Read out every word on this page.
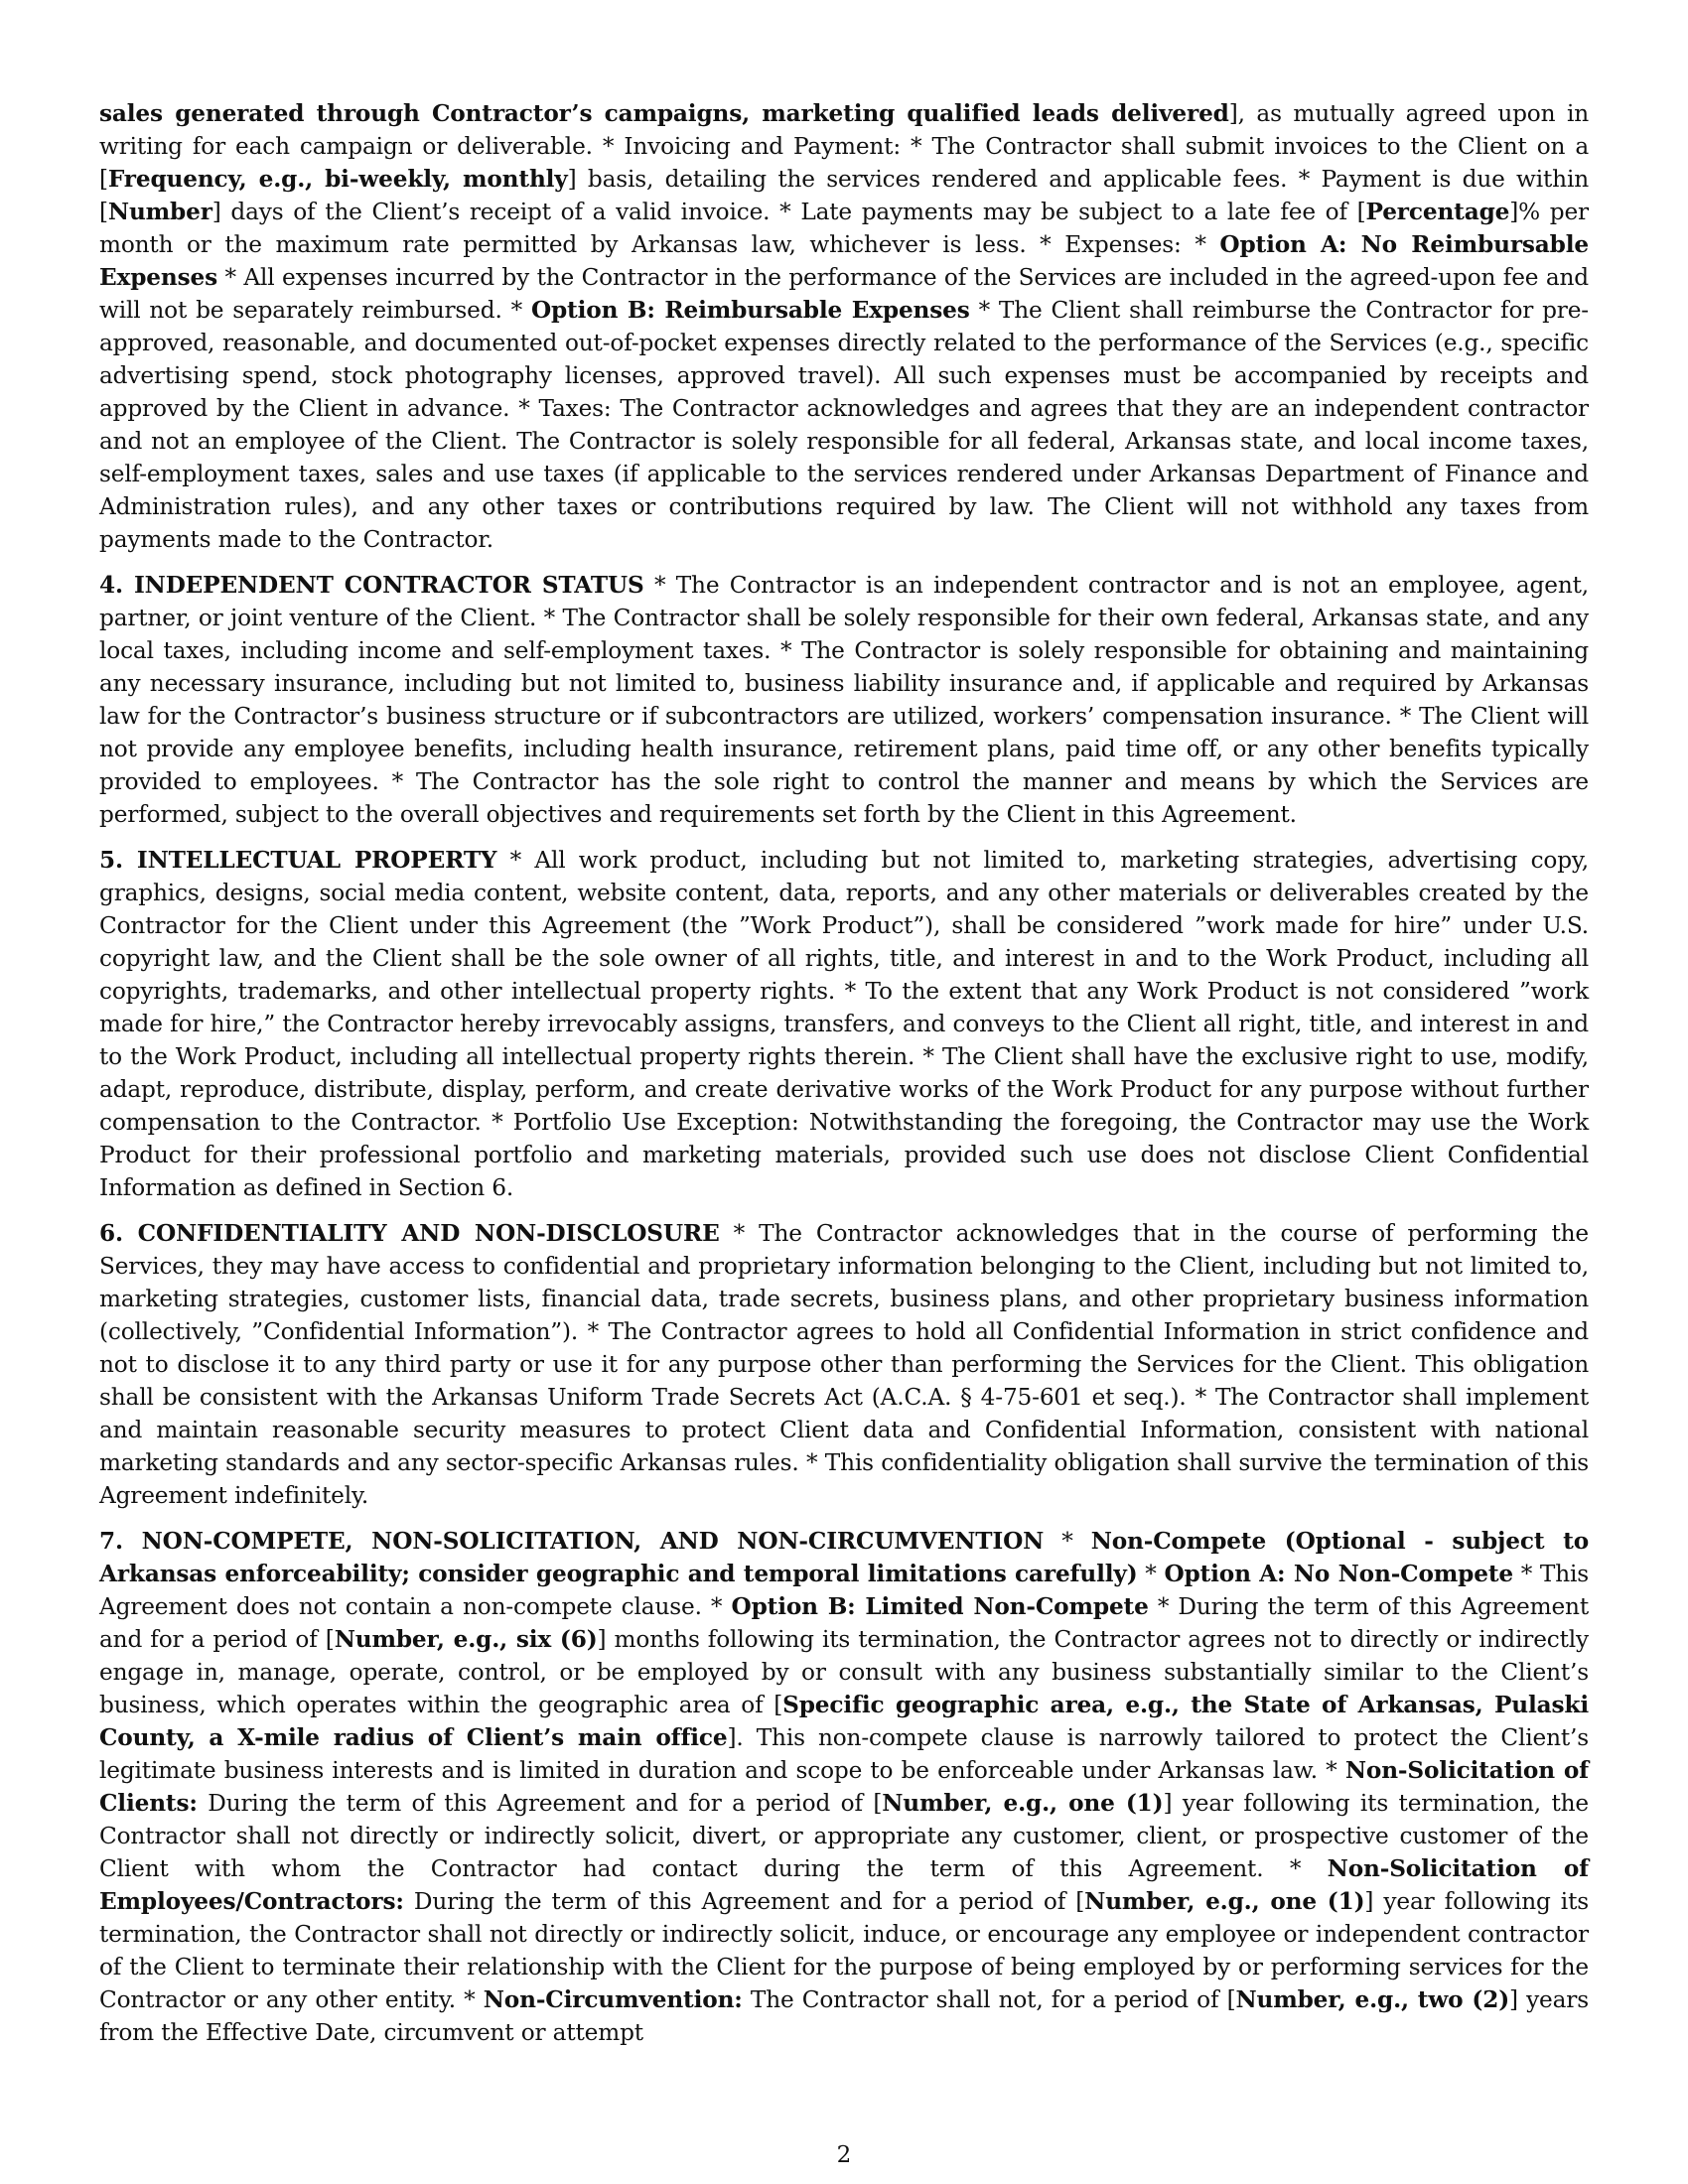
sales generated through Contractor’s campaigns, marketing qualified leads delivered], as mutually agreed upon in writing for each campaign or deliverable. * Invoicing and Payment: * The Contractor shall submit invoices to the Client on a [Frequency, e.g., bi-weekly, monthly] basis, detailing the services rendered and applicable fees. * Payment is due within [Number] days of the Client’s receipt of a valid invoice. * Late payments may be subject to a late fee of [Percentage]% per month or the maximum rate permitted by Arkansas law, whichever is less. * Expenses: * Option A: No Reimbursable Expenses * All expenses incurred by the Contractor in the performance of the Services are included in the agreed-upon fee and will not be separately reimbursed. * Option B: Reimbursable Expenses * The Client shall reimburse the Contractor for pre-approved, reasonable, and documented out-of-pocket expenses directly related to the performance of the Services (e.g., specific advertising spend, stock photography licenses, approved travel). All such expenses must be accompanied by receipts and approved by the Client in advance. * Taxes: The Contractor acknowledges and agrees that they are an independent contractor and not an employee of the Client. The Contractor is solely responsible for all federal, Arkansas state, and local income taxes, self-employment taxes, sales and use taxes (if applicable to the services rendered under Arkansas Department of Finance and Administration rules), and any other taxes or contributions required by law. The Client will not withhold any taxes from payments made to the Contractor.

4. INDEPENDENT CONTRACTOR STATUS * The Contractor is an independent contractor and is not an employee, agent, partner, or joint venture of the Client. * The Contractor shall be solely responsible for their own federal, Arkansas state, and any local taxes, including income and self-employment taxes. * The Contractor is solely responsible for obtaining and maintaining any necessary insurance, including but not limited to, business liability insurance and, if applicable and required by Arkansas law for the Contractor’s business structure or if subcontractors are utilized, workers’ compensation insurance. * The Client will not provide any employee benefits, including health insurance, retirement plans, paid time off, or any other benefits typically provided to employees. * The Contractor has the sole right to control the manner and means by which the Services are performed, subject to the overall objectives and requirements set forth by the Client in this Agreement.

5. INTELLECTUAL PROPERTY * All work product, including but not limited to, marketing strategies, advertising copy, graphics, designs, social media content, website content, data, reports, and any other materials or deliverables created by the Contractor for the Client under this Agreement (the ”Work Product”), shall be considered ”work made for hire” under U.S. copyright law, and the Client shall be the sole owner of all rights, title, and interest in and to the Work Product, including all copyrights, trademarks, and other intellectual property rights. * To the extent that any Work Product is not considered ”work made for hire,” the Contractor hereby irrevocably assigns, transfers, and conveys to the Client all right, title, and interest in and to the Work Product, including all intellectual property rights therein. * The Client shall have the exclusive right to use, modify, adapt, reproduce, distribute, display, perform, and create derivative works of the Work Product for any purpose without further compensation to the Contractor. * Portfolio Use Exception: Notwithstanding the foregoing, the Contractor may use the Work Product for their professional portfolio and marketing materials, provided such use does not disclose Client Confidential Information as defined in Section 6.

6. CONFIDENTIALITY AND NON-DISCLOSURE * The Contractor acknowledges that in the course of performing the Services, they may have access to confidential and proprietary information belonging to the Client, including but not limited to, marketing strategies, customer lists, financial data, trade secrets, business plans, and other proprietary business information (collectively, ”Confidential Information”). * The Contractor agrees to hold all Confidential Information in strict confidence and not to disclose it to any third party or use it for any purpose other than performing the Services for the Client. This obligation shall be consistent with the Arkansas Uniform Trade Secrets Act (A.C.A. § 4-75-601 et seq.). * The Contractor shall implement and maintain reasonable security measures to protect Client data and Confidential Information, consistent with national marketing standards and any sector-specific Arkansas rules. * This confidentiality obligation shall survive the termination of this Agreement indefinitely.

7. NON-COMPETE, NON-SOLICITATION, AND NON-CIRCUMVENTION * Non-Compete (Optional - subject to Arkansas enforceability; consider geographic and temporal limitations carefully) * Option A: No Non-Compete * This Agreement does not contain a non-compete clause. * Option B: Limited Non-Compete * During the term of this Agreement and for a period of [Number, e.g., six (6)] months following its termination, the Contractor agrees not to directly or indirectly engage in, manage, operate, control, or be employed by or consult with any business substantially similar to the Client’s business, which operates within the geographic area of [Specific geographic area, e.g., the State of Arkansas, Pulaski County, a X-mile radius of Client’s main office]. This non-compete clause is narrowly tailored to protect the Client’s legitimate business interests and is limited in duration and scope to be enforceable under Arkansas law. * Non-Solicitation of Clients: During the term of this Agreement and for a period of [Number, e.g., one (1)] year following its termination, the Contractor shall not directly or indirectly solicit, divert, or appropriate any customer, client, or prospective customer of the Client with whom the Contractor had contact during the term of this Agreement. * Non-Solicitation of Employees/Contractors: During the term of this Agreement and for a period of [Number, e.g., one (1)] year following its termination, the Contractor shall not directly or indirectly solicit, induce, or encourage any employee or independent contractor of the Client to terminate their relationship with the Client for the purpose of being employed by or performing services for the Contractor or any other entity. * Non-Circumvention: The Contractor shall not, for a period of [Number, e.g., two (2)] years from the Effective Date, circumvent or attempt

2
